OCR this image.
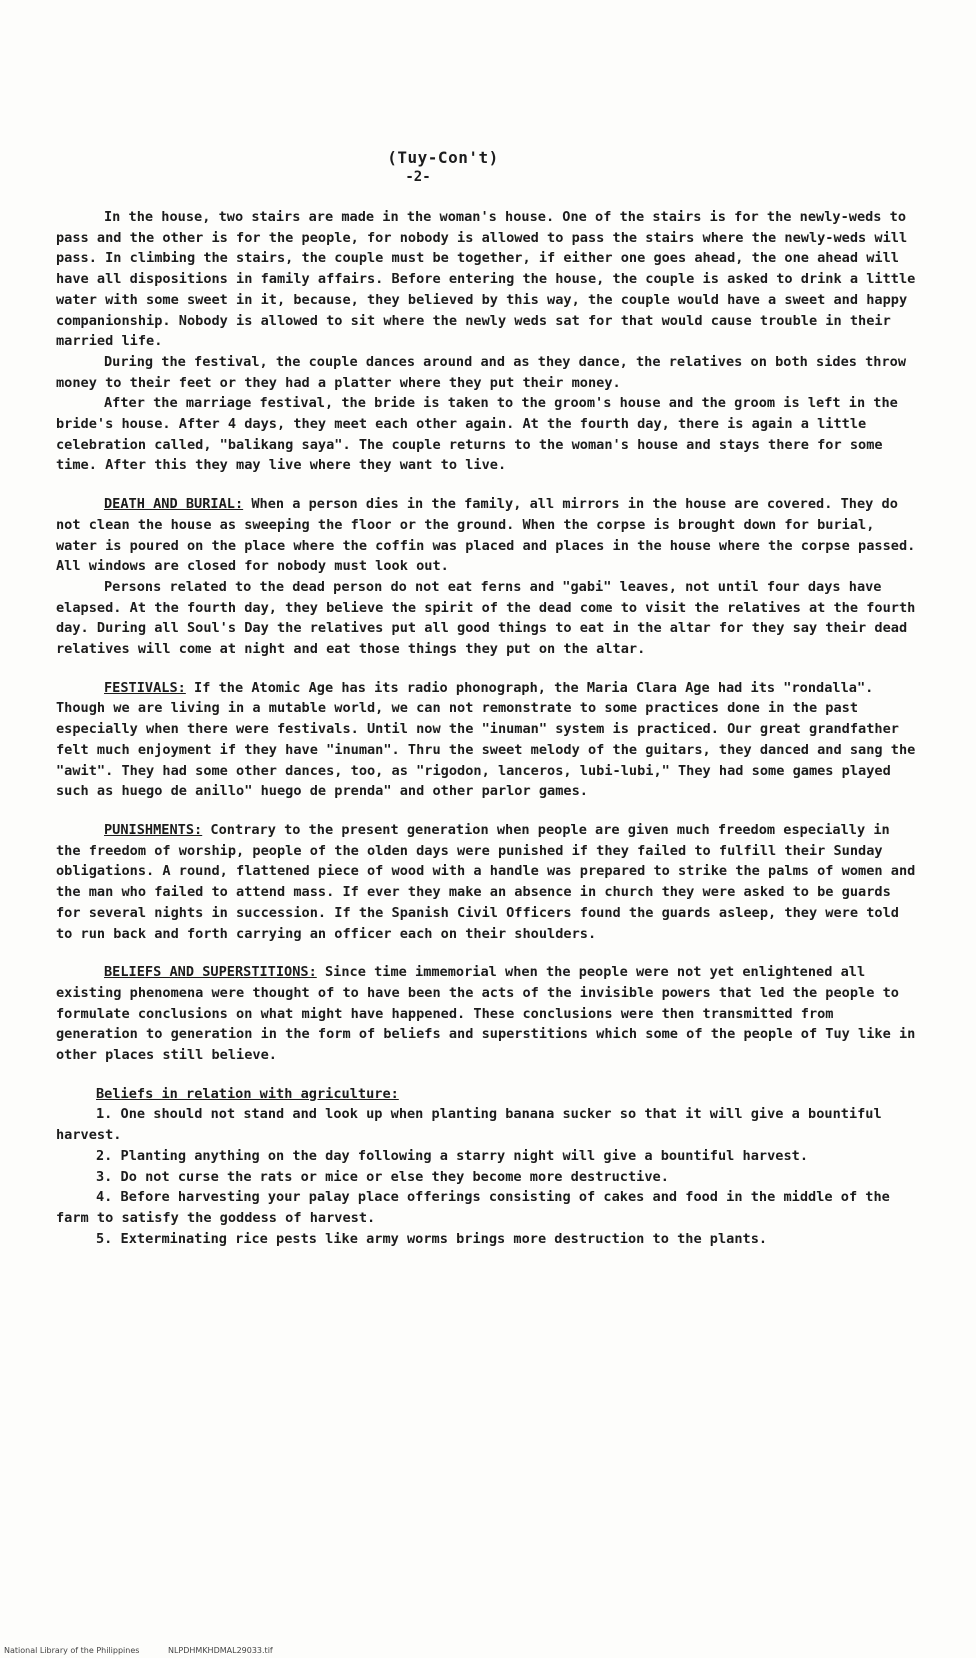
(Tuy-Con't)
-2-

In the house, two stairs are made in the woman's house. One of the stairs is for the newly-weds to pass and the other is for the people, for nobody is allowed to pass the stairs where the newly-weds will pass. In climbing the stairs, the couple must be together, if either one goes ahead, the one ahead will have all dispositions in family affairs. Before entering the house, the couple is asked to drink a little water with some sweet in it, because, they believed by this way, the couple would have a sweet and happy companionship. Nobody is allowed to sit where the newly weds sat for that would cause trouble in their married life.

During the festival, the couple dances around and as they dance, the relatives on both sides throw money to their feet or they had a platter where they put their money.

After the marriage festival, the bride is taken to the groom's house and the groom is left in the bride's house. After 4 days, they meet each other again. At the fourth day, there is again a little celebration called, "balikang saya". The couple returns to the woman's house and stays there for some time. After this they may live where they want to live.

DEATH AND BURIAL: When a person dies in the family, all mirrors in the house are covered. They do not clean the house as sweeping the floor or the ground. When the corpse is brought down for burial, water is poured on the place where the coffin was placed and places in the house where the corpse passed. All windows are closed for nobody must look out.

Persons related to the dead person do not eat ferns and "gabi" leaves, not until four days have elapsed. At the fourth day, they believe the spirit of the dead come to visit the relatives at the fourth day. During all Soul's Day the relatives put all good things to eat in the altar for they say their dead relatives will come at night and eat those things they put on the altar.

FESTIVALS: If the Atomic Age has its radio phonograph, the Maria Clara Age had its "rondalla". Though we are living in a mutable world, we can not remonstrate to some practices done in the past especially when there were festivals. Until now the "inuman" system is practiced. Our great grandfather felt much enjoyment if they have "inuman". Thru the sweet melody of the guitars, they danced and sang the "awit". They had some other dances, too, as "rigodon, lanceros, lubi-lubi," They had some games played such as huego de anillo" huego de prenda" and other parlor games.

PUNISHMENTS: Contrary to the present generation when people are given much freedom especially in the freedom of worship, people of the olden days were punished if they failed to fulfill their Sunday obligations. A round, flattened piece of wood with a handle was prepared to strike the palms of women and the man who failed to attend mass. If ever they make an absence in church they were asked to be guards for several nights in succession. If the Spanish Civil Officers found the guards asleep, they were told to run back and forth carrying an officer each on their shoulders.

BELIEFS AND SUPERSTITIONS: Since time immemorial when the people were not yet enlightened all existing phenomena were thought of to have been the acts of the invisible powers that led the people to formulate conclusions on what might have happened. These conclusions were then transmitted from generation to generation in the form of beliefs and superstitions which some of the people of Tuy like in other places still believe.

Beliefs in relation with agriculture:

1. One should not stand and look up when planting banana sucker so that it will give a bountiful harvest.

2. Planting anything on the day following a starry night will give a bountiful harvest.

3. Do not curse the rats or mice or else they become more destructive.

4. Before harvesting your palay place offerings consisting of cakes and food in the middle of the farm to satisfy the goddess of harvest.

5. Exterminating rice pests like army worms brings more destruction to the plants.

National Library of the Philippines	NLPDHMKHDMAL29033.tif
